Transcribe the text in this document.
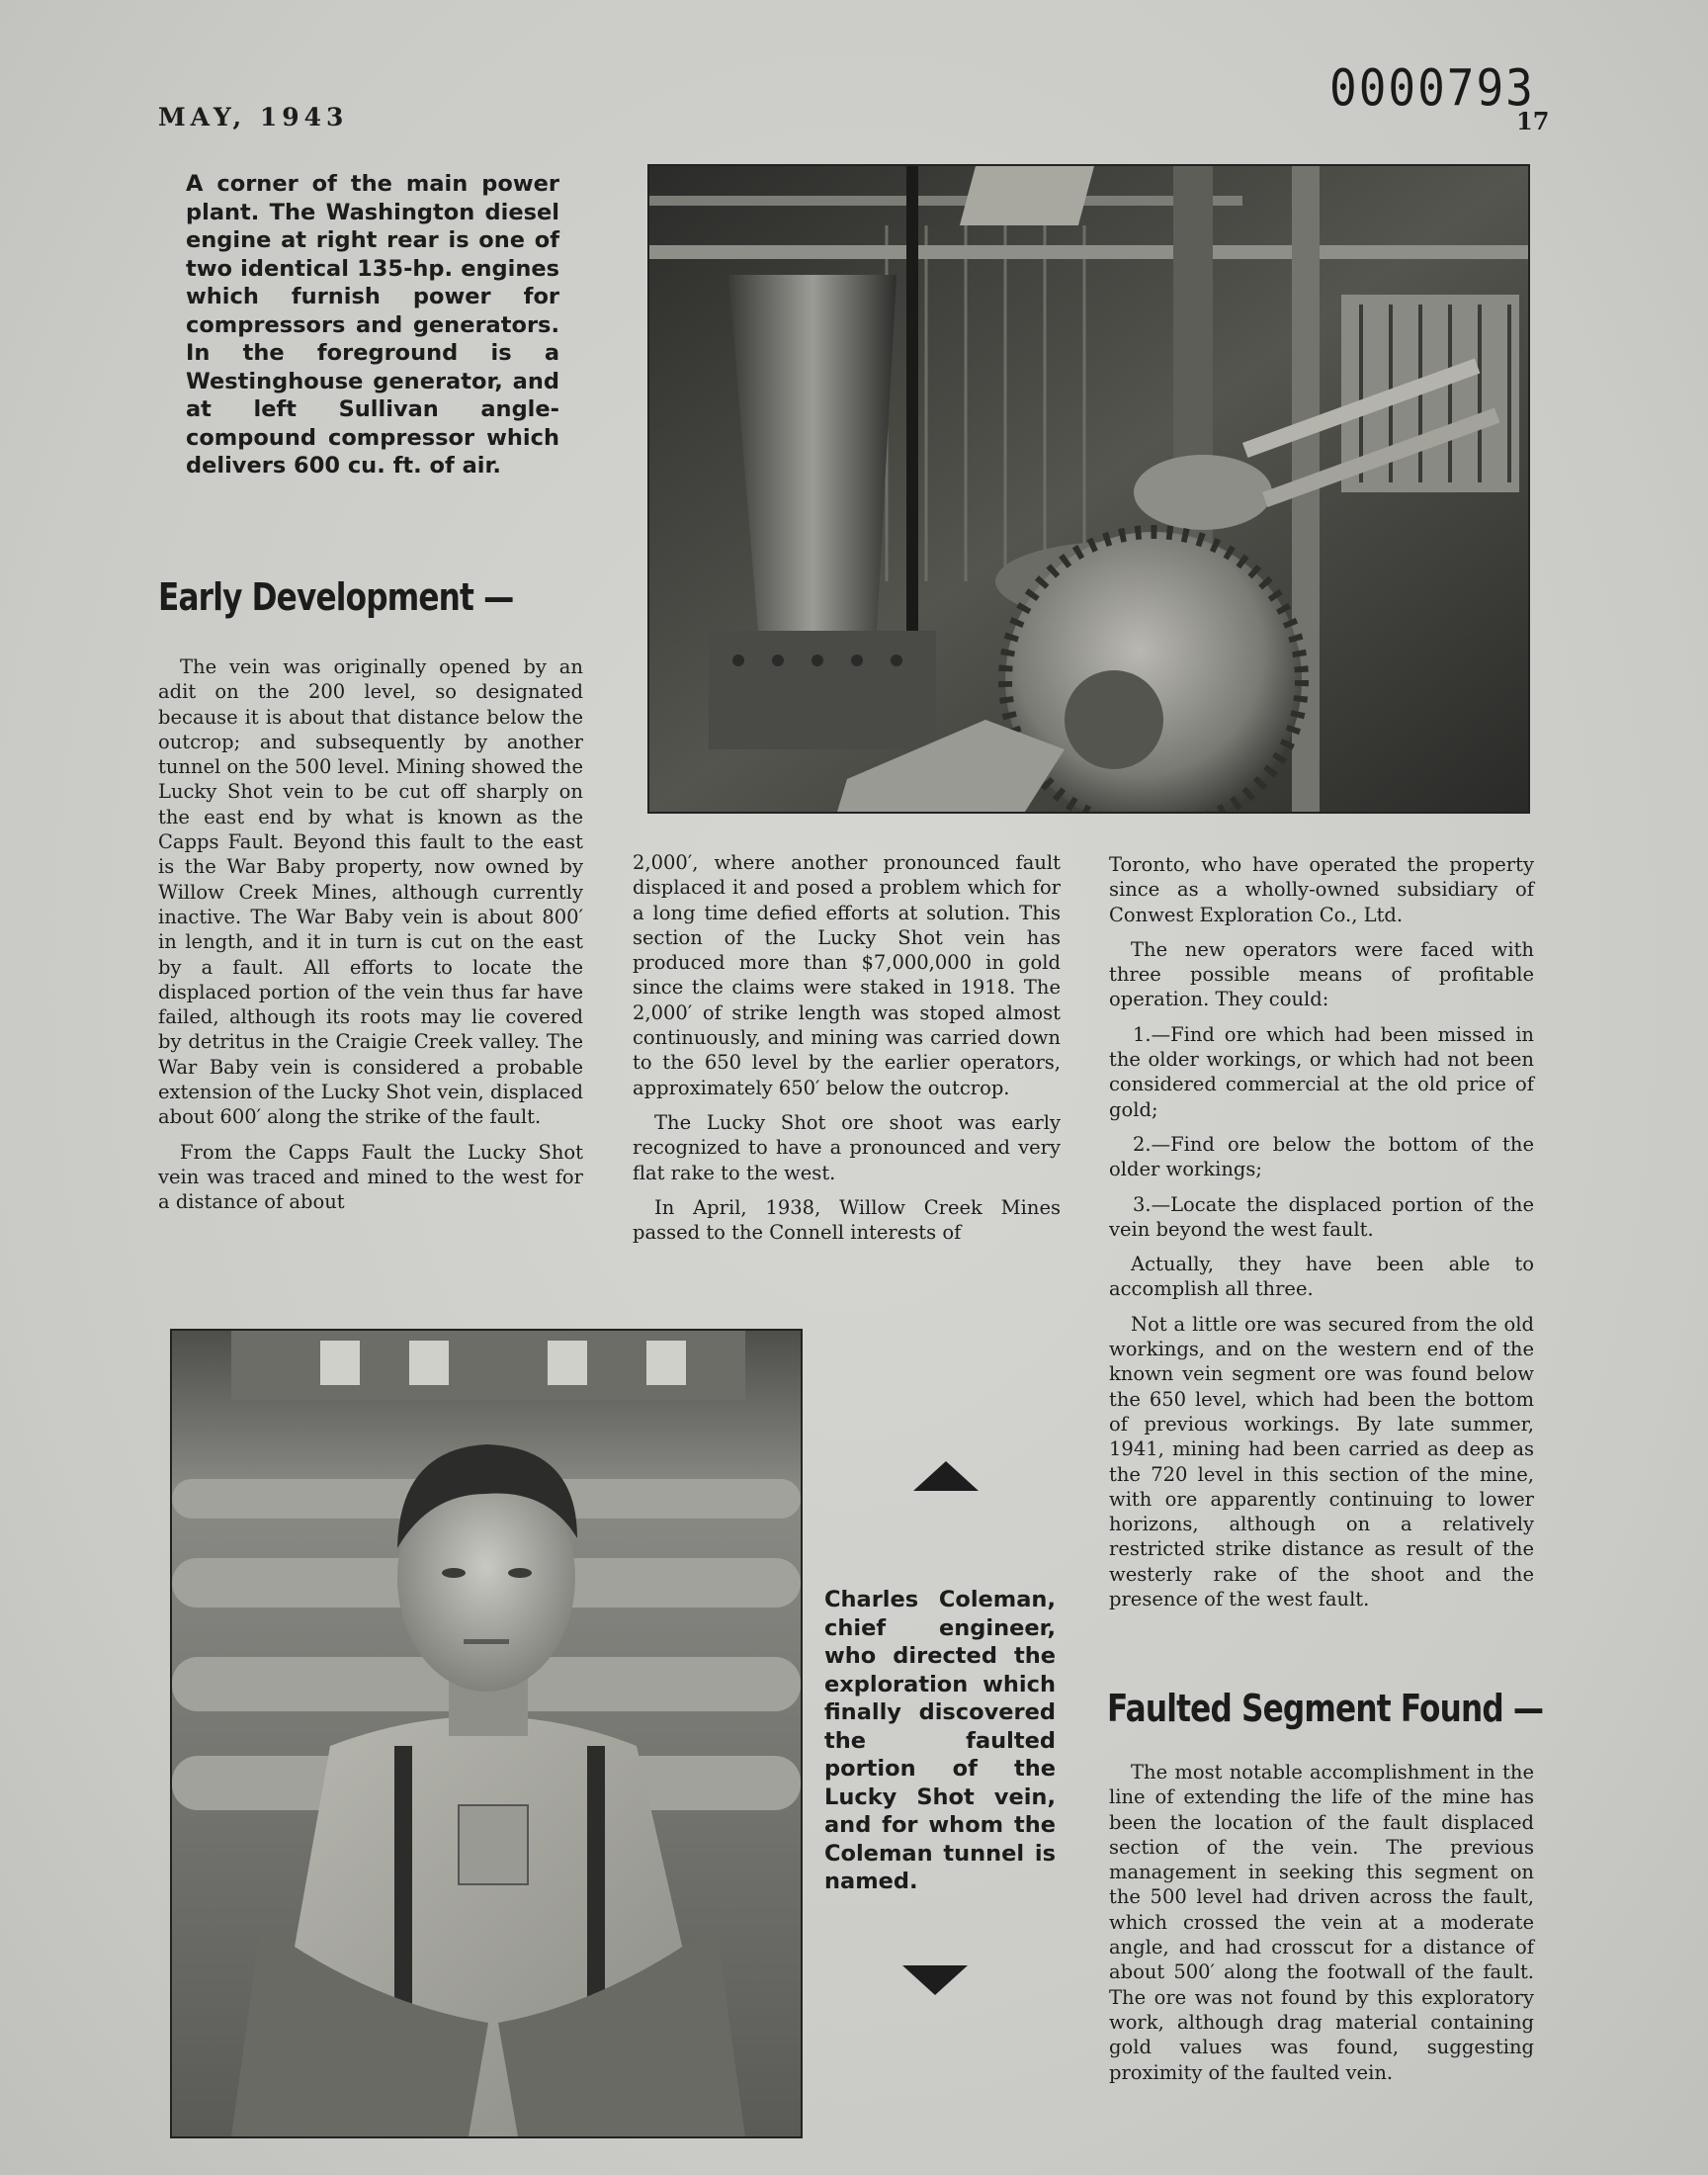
MAY, 1943	0000793
17
A corner of the main power plant. The Washington diesel engine at right rear is one of two identical 135-hp. engines which furnish power for compressors and generators. In the foreground is a Westinghouse generator, and at left Sullivan angle-compound compressor which delivers 600 cu. ft. of air.
Early Development —

The vein was originally opened by an adit on the 200 level, so designated because it is about that distance below the outcrop; and subsequently by another tunnel on the 500 level. Mining showed the Lucky Shot vein to be cut off sharply on the east end by what is known as the Capps Fault. Beyond this fault to the east is the War Baby property, now owned by Willow Creek Mines, although currently inactive. The War Baby vein is about 800′ in length, and it in turn is cut on the east by a fault. All efforts to locate the displaced portion of the vein thus far have failed, although its roots may lie covered by detritus in the Craigie Creek valley. The War Baby vein is considered a probable extension of the Lucky Shot vein, displaced about 600′ along the strike of the fault.

From the Capps Fault the Lucky Shot vein was traced and mined to the west for a distance of about

2,000′, where another pronounced fault displaced it and posed a problem which for a long time defied efforts at solution. This section of the Lucky Shot vein has produced more than $7,000,000 in gold since the claims were staked in 1918. The 2,000′ of strike length was stoped almost continuously, and mining was carried down to the 650 level by the earlier operators, approximately 650′ below the outcrop.

The Lucky Shot ore shoot was early recognized to have a pronounced and very flat rake to the west.

In April, 1938, Willow Creek Mines passed to the Connell interests of

Toronto, who have operated the property since as a wholly-owned subsidiary of Conwest Exploration Co., Ltd.

The new operators were faced with three possible means of profitable operation. They could:

1.—Find ore which had been missed in the older workings, or which had not been considered commercial at the old price of gold;

2.—Find ore below the bottom of the older workings;

3.—Locate the displaced portion of the vein beyond the west fault.

Actually, they have been able to accomplish all three.

Not a little ore was secured from the old workings, and on the western end of the known vein segment ore was found below the 650 level, which had been the bottom of previous workings. By late summer, 1941, mining had been carried as deep as the 720 level in this section of the mine, with ore apparently continuing to lower horizons, although on a relatively restricted strike distance as result of the westerly rake of the shoot and the presence of the west fault.

Faulted Segment Found —

The most notable accomplishment in the line of extending the life of the mine has been the location of the fault displaced section of the vein. The previous management in seeking this segment on the 500 level had driven across the fault, which crossed the vein at a moderate angle, and had crosscut for a distance of about 500′ along the footwall of the fault. The ore was not found by this exploratory work, although drag material containing gold values was found, suggesting proximity of the faulted vein.

Charles Coleman, chief engineer, who directed the exploration which finally discovered the faulted portion of the Lucky Shot vein, and for whom the Coleman tunnel is named.
